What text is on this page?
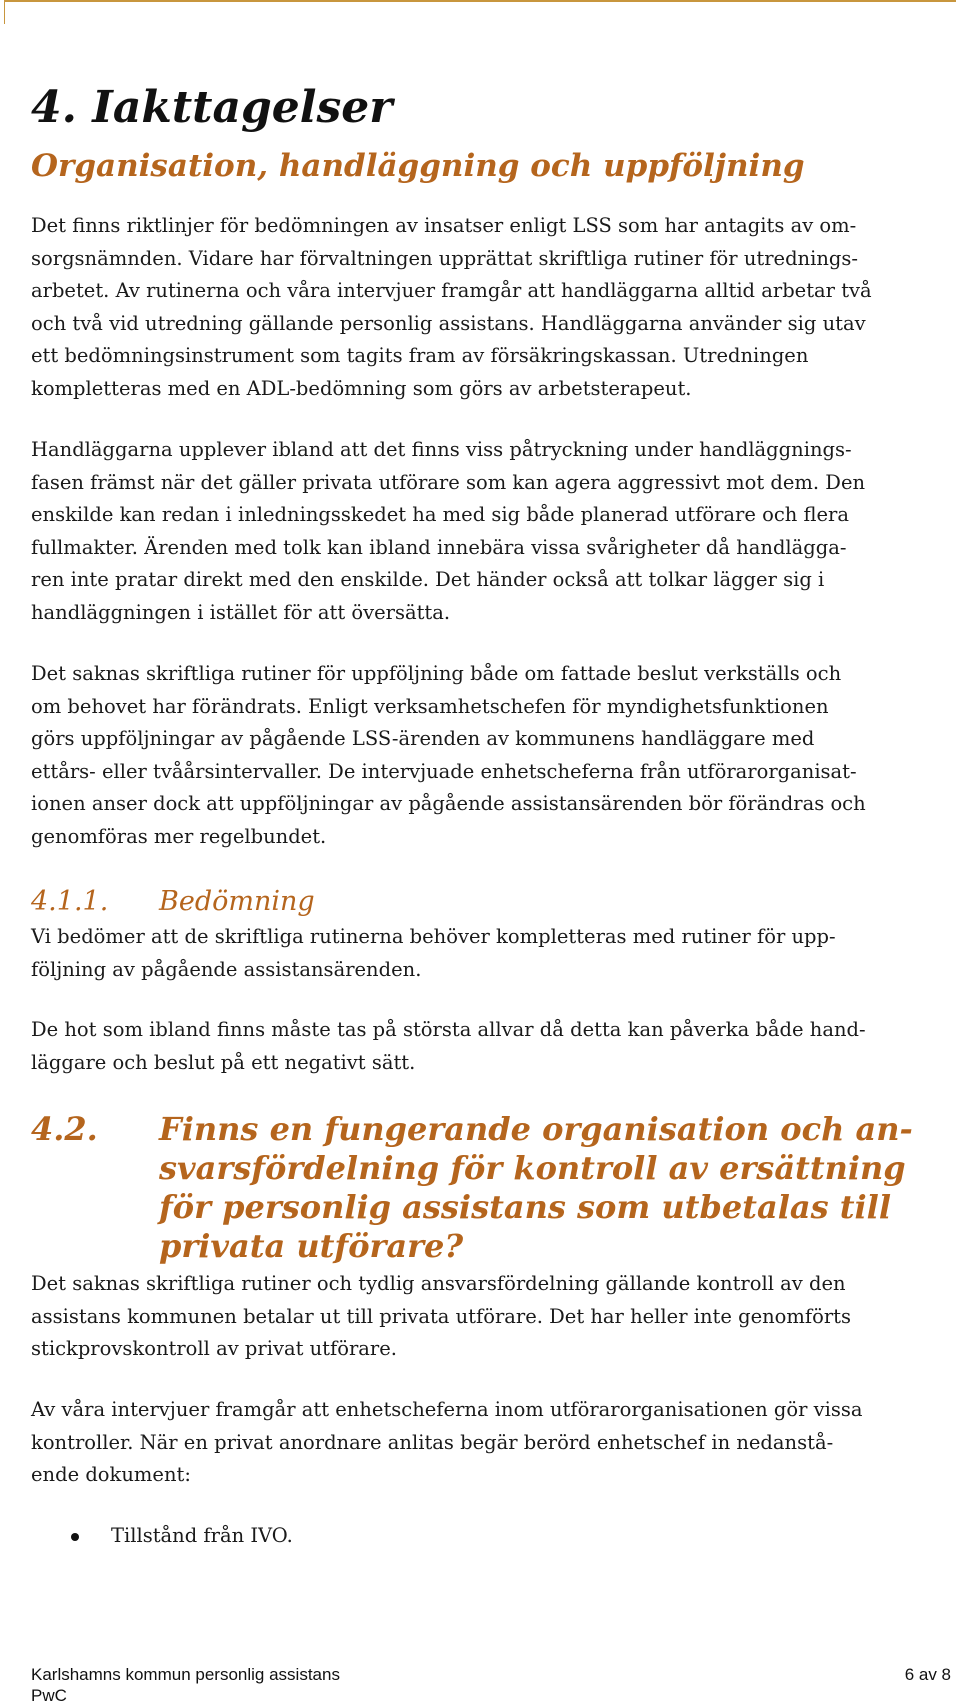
4. Iakttagelser
Organisation, handläggning och uppföljning

Det finns riktlinjer för bedömningen av insatser enligt LSS som har antagits av om-
sorgsnämnden. Vidare har förvaltningen upprättat skriftliga rutiner för utrednings-
arbetet. Av rutinerna och våra intervjuer framgår att handläggarna alltid arbetar två
och två vid utredning gällande personlig assistans. Handläggarna använder sig utav
ett bedömningsinstrument som tagits fram av försäkringskassan. Utredningen
kompletteras med en ADL-bedömning som görs av arbetsterapeut.

Handläggarna upplever ibland att det finns viss påtryckning under handläggnings-
fasen främst när det gäller privata utförare som kan agera aggressivt mot dem. Den
enskilde kan redan i inledningsskedet ha med sig både planerad utförare och flera
fullmakter. Ärenden med tolk kan ibland innebära vissa svårigheter då handlägga-
ren inte pratar direkt med den enskilde. Det händer också att tolkar lägger sig i
handläggningen i istället för att översätta.

Det saknas skriftliga rutiner för uppföljning både om fattade beslut verkställs och
om behovet har förändrats. Enligt verksamhetschefen för myndighetsfunktionen
görs uppföljningar av pågående LSS-ärenden av kommunens handläggare med
ettårs- eller tvåårsintervaller. De intervjuade enhetscheferna från utförarorganisat-
ionen anser dock att uppföljningar av pågående assistansärenden bör förändras och
genomföras mer regelbundet.

4.1.1. Bedömning

Vi bedömer att de skriftliga rutinerna behöver kompletteras med rutiner för upp-
följning av pågående assistansärenden.

De hot som ibland finns måste tas på största allvar då detta kan påverka både hand-
läggare och beslut på ett negativt sätt.

4.2.	Finns en fungerande organisation och an-
svarsfördelning för kontroll av ersättning
för personlig assistans som utbetalas till
privata utförare?

Det saknas skriftliga rutiner och tydlig ansvarsfördelning gällande kontroll av den
assistans kommunen betalar ut till privata utförare. Det har heller inte genomförts
stickprovskontroll av privat utförare.

Av våra intervjuer framgår att enhetscheferna inom utförarorganisationen gör vissa
kontroller. När en privat anordnare anlitas begär berörd enhetschef in nedanstå-
ende dokument:

Tillstånd från IVO.
Karlshamns kommun personlig assistans	6 av 8
PwC
